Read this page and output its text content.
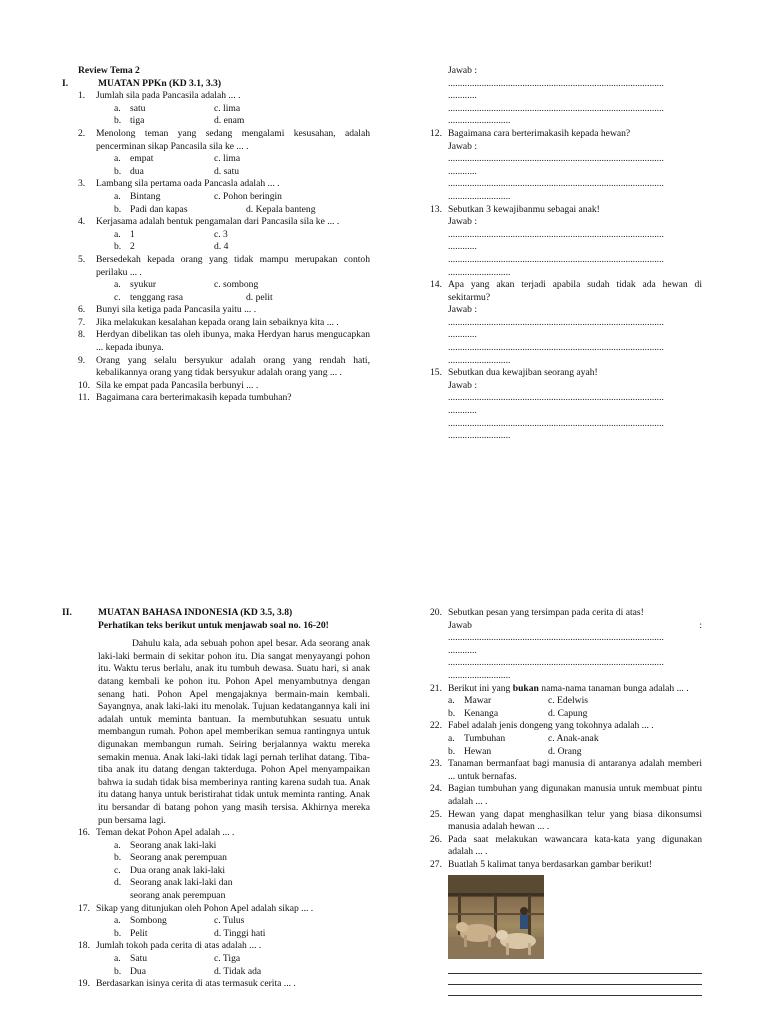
Review Tema 2
I.	MUATAN PPKn (KD 3.1, 3.3)
1.	Jumlah sila pada Pancasila adalah ... .
a. satu	c. lima
b. tiga	d. enam
2.	Menolong teman yang sedang mengalami kesusahan, adalah pencerminan sikap Pancasila sila ke ... .
a. empat	c. lima
b. dua	d. satu
3.	Lambang sila pertama oada Pancasla adalah ... .
a. Bintang	c. Pohon beringin
b. Padi dan kapas	d. Kepala banteng
4.	Kerjasama adalah bentuk pengamalan dari Pancasila sila ke ... .
a. 1	c. 3
b. 2	d. 4
5.	Bersedekah kepada orang yang tidak mampu merupakan contoh perilaku ... .
a. syukur	c. sombong
c. tenggang rasa	d. pelit
6.	Bunyi sila ketiga pada Pancasila yaitu ... .
7.	Jika melakukan kesalahan kepada orang lain sebaiknya kita ... .
8.	Herdyan dibelikan tas oleh ibunya, maka Herdyan harus mengucapkan ... kepada ibunya.
9.	Orang yang selalu bersyukur adalah orang yang rendah hati, kebalikannya orang yang tidak bersyukur adalah orang yang ... .
10. Sila ke empat pada Pancasila berbunyi ... .
11. Bagaimana cara berterimakasih kepada tumbuhan?
Jawab :
..........................................................................................
............
..........................................................................................
..........................
12. Bagaimana cara berterimakasih kepada hewan?
Jawab :
..........................................................................................
............
..........................................................................................
..........................
13. Sebutkan 3 kewajibanmu sebagai anak!
Jawab :
..........................................................................................
............
..........................................................................................
..........................
14. Apa yang akan terjadi apabila sudah tidak ada hewan di sekitarmu?
Jawab :
..........................................................................................
............
..........................................................................................
..........................
15. Sebutkan dua kewajiban seorang ayah!
Jawab :
..........................................................................................
............
..........................................................................................
..........................
II.	MUATAN BAHASA INDONESIA (KD 3.5, 3.8)
Perhatikan teks berikut untuk menjawab soal no. 16-20!
Dahulu kala, ada sebuah pohon apel besar. Ada seorang anak laki-laki bermain di sekitar pohon itu. Dia sangat menyayangi pohon itu. Waktu terus berlalu, anak itu tumbuh dewasa. Suatu hari, si anak datang kembali ke pohon itu. Pohon Apel menyambutnya dengan senang hati. Pohon Apel mengajaknya bermain-main kembali. Sayangnya, anak laki-laki itu menolak. Tujuan kedatangannya kali ini adalah untuk meminta bantuan. Ia membutuhkan sesuatu untuk membangun rumah. Pohon apel memberikan semua rantingnya untuk digunakan membangun rumah. Seiring berjalannya waktu mereka semakin menua. Anak laki-laki tidak lagi pernah terlihat datang. Tiba-tiba anak itu datang dengan takterduga. Pohon Apel menyampaikan bahwa ia sudah tidak bisa memberinya ranting karena sudah tua. Anak itu datang hanya untuk beristirahat tidak untuk meminta ranting. Anak itu bersandar di batang pohon yang masih tersisa. Akhirnya mereka pun bersama lagi.
16. Teman dekat Pohon Apel adalah ... .
a. Seorang anak laki-laki
b. Seorang anak perempuan
c. Dua orang anak laki-laki
d. Seorang anak laki-laki dan seorang anak perempuan
17. Sikap yang ditunjukan oleh Pohon Apel adalah sikap ... .
a. Sombong	c. Tulus
b. Pelit	d. Tinggi hati
18. Jumlah tokoh pada cerita di atas adalah ... .
a. Satu	c. Tiga
b. Dua	d. Tidak ada
19. Berdasarkan isinya cerita di atas termasuk cerita ... .
20. Sebutkan pesan yang tersimpan pada cerita di atas!
Jawab	:
..........................................................................................
............
..........................................................................................
..........................
21. Berikut ini yang bukan nama-nama tanaman bunga adalah ... .
a. Mawar	c. Edelwis
b. Kenanga	d. Capung
22. Fabel adalah jenis dongeng yang tokohnya adalah ... .
a. Tumbuhan	c. Anak-anak
b. Hewan	d. Orang
23. Tanaman bermanfaat bagi manusia di antaranya adalah memberi ... untuk bernafas.
24. Bagian tumbuhan yang digunakan manusia untuk membuat pintu adalah ... .
25. Hewan yang dapat menghasilkan telur yang biasa dikonsumsi manusia adalah hewan ... .
26. Pada saat melakukan wawancara kata-kata yang digunakan adalah ... .
27. Buatlah 5 kalimat tanya berdasarkan gambar berikut!
